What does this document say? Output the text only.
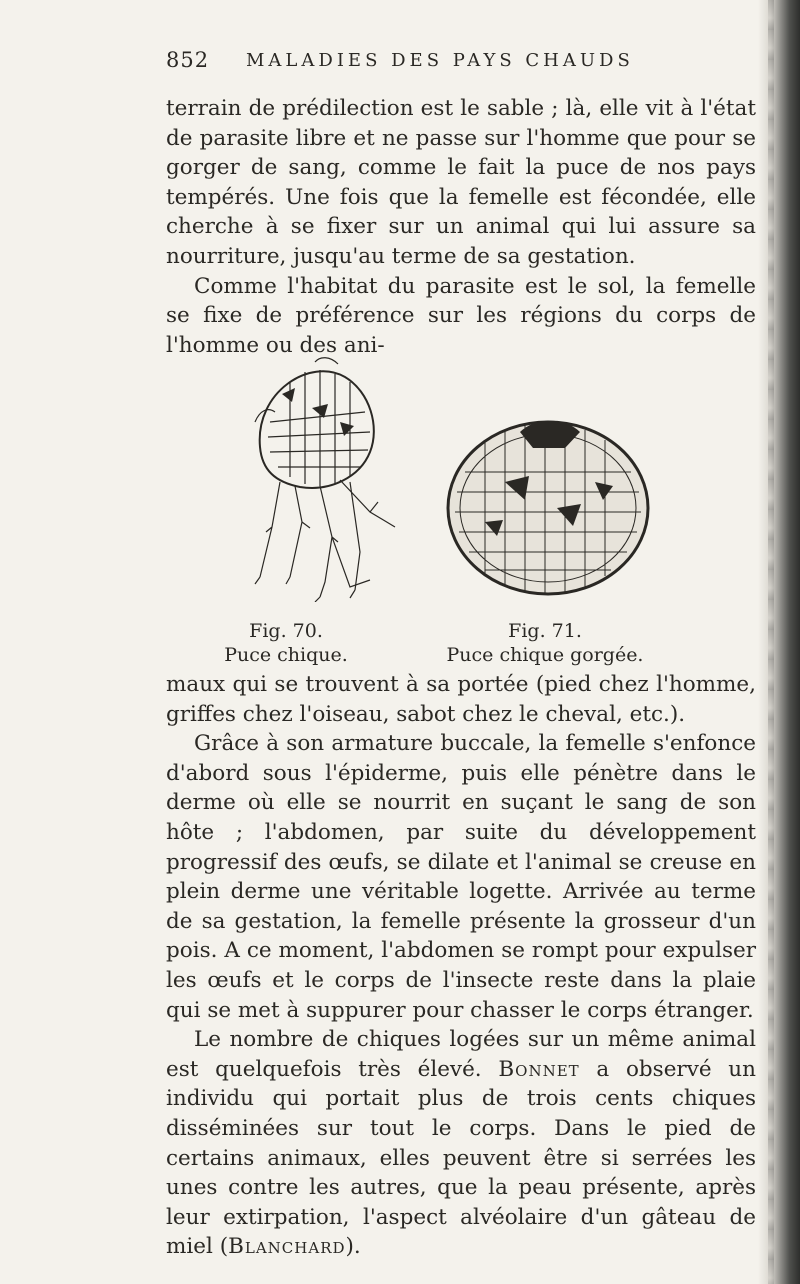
852 MALADIES DES PAYS CHAUDS

terrain de prédilection est le sable ; là, elle vit à l'état de parasite libre et ne passe sur l'homme que pour se gorger de sang, comme le fait la puce de nos pays tempérés. Une fois que la femelle est fécondée, elle cherche à se fixer sur un animal qui lui assure sa nourriture, jusqu'au terme de sa gestation.

Comme l'habitat du parasite est le sol, la femelle se fixe de préférence sur les régions du corps de l'homme ou des ani-

Fig. 70.
Puce chique.
Fig. 71.
Puce chique gorgée.

maux qui se trouvent à sa portée (pied chez l'homme, griffes chez l'oiseau, sabot chez le cheval, etc.).

Grâce à son armature buccale, la femelle s'enfonce d'abord sous l'épiderme, puis elle pénètre dans le derme où elle se nourrit en suçant le sang de son hôte ; l'abdomen, par suite du développement progressif des œufs, se dilate et l'animal se creuse en plein derme une véritable logette. Arrivée au terme de sa gestation, la femelle présente la grosseur d'un pois. A ce moment, l'abdomen se rompt pour expulser les œufs et le corps de l'insecte reste dans la plaie qui se met à suppurer pour chasser le corps étranger.

Le nombre de chiques logées sur un même animal est quelquefois très élevé. Bonnet a observé un individu qui portait plus de trois cents chiques disséminées sur tout le corps. Dans le pied de certains animaux, elles peuvent être si serrées les unes contre les autres, que la peau présente, après leur extirpation, l'aspect alvéolaire d'un gâteau de miel (Blanchard).
